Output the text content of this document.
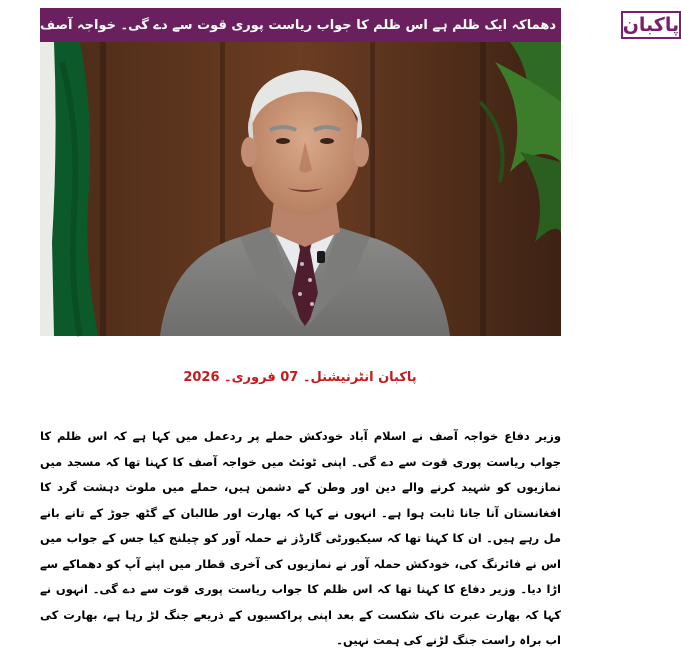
خودکش دھماکہ ایک ظلم ہے اس ظلم کا جواب ریاست پوری قوت سے دے گی۔ خواجہ آصف پاکبان
پاکبان انٹرنیشنل۔ 07 فروری۔ 2026
وزیر دفاع خواجہ آصف نے اسلام آباد خودکش حملے پر ردعمل میں کہا ہے کہ اس ظلم کا جواب ریاست پوری قوت سے دے گی۔ اپنی ٹوئٹ میں خواجہ آصف کا کہنا تھا کہ مسجد میں نمازیوں کو شہید کرنے والے دین اور وطن کے دشمن ہیں، حملے میں ملوث دہشت گرد کا افغانستان آنا جانا ثابت ہوا ہے۔ انہوں نے کہا کہ بھارت اور طالبان کے گٹھ جوڑ کے تانے بانے مل رہے ہیں۔ ان کا کہنا تھا کہ سیکیورٹی گارڈز نے حملہ آور کو چیلنج کیا جس کے جواب میں اس نے فائرنگ کی، خودکش حملہ آور نے نمازیوں کی آخری قطار میں اپنے آپ کو دھماکے سے اڑا دیا۔ وزیر دفاع کا کہنا تھا کہ اس ظلم کا جواب ریاست پوری قوت سے دے گی۔ انہوں نے کہا کہ بھارت عبرت ناک شکست کے بعد اپنی پراکسیوں کے ذریعے جنگ لڑ رہا ہے، بھارت کی اب براہ راست جنگ لڑنے کی ہمت نہیں۔
